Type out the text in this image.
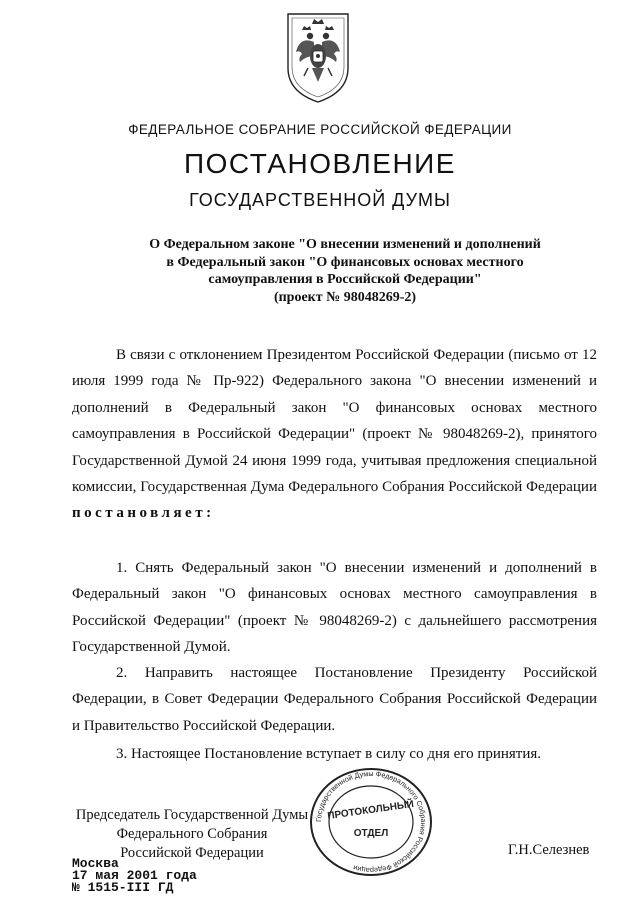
ФЕДЕРАЛЬНОЕ СОБРАНИЕ РОССИЙСКОЙ ФЕДЕРАЦИИ
ПОСТАНОВЛЕНИЕ
ГОСУДАРСТВЕННОЙ ДУМЫ
О Федеральном законе "О внесении изменений и дополнений
в Федеральный закон "О финансовых основах местного
самоуправления в Российской Федерации"
(проект № 98048269-2)
В связи с отклонением Президентом Российской Федерации (письмо от 12 июля 1999 года № Пр-922) Федерального закона "О внесении изменений и дополнений в Федеральный закон "О финансовых основах местного самоуправления в Российской Федерации" (проект № 98048269-2), принятого Государственной Думой 24 июня 1999 года, учитывая предложения специальной комиссии, Государственная Дума Федерального Собрания Российской Федерации постановляет:
1. Снять Федеральный закон "О внесении изменений и дополнений в Федеральный закон "О финансовых основах местного самоуправления в Российской Федерации" (проект № 98048269-2) с дальнейшего рассмотрения Государственной Думой.
2. Направить настоящее Постановление Президенту Российской Федерации, в Совет Федерации Федерального Собрания Российской Федерации и Правительство Российской Федерации.
3. Настоящее Постановление вступает в силу со дня его принятия.
Председатель Государственной Думы
Федерального Собрания
Российской Федерации	Г.Н.Селезнев
Москва
17 мая 2001 года
№ 1515-III ГД
Государственной Думы Федерального Собрания Российской Федерации
ПРОТОКОЛЬНЫЙ
ОТДЕЛ
